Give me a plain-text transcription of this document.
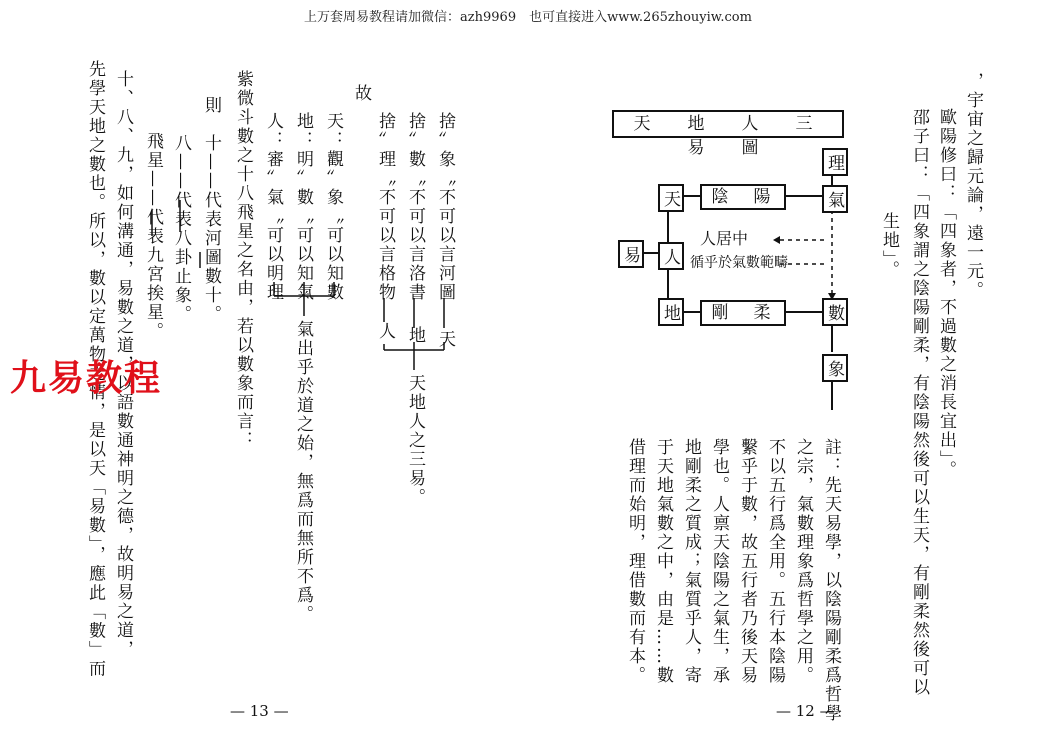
上万套周易教程请加微信：azh9969　也可直接进入www.265zhouyiw.com
，宇宙之歸元論，遠一元。
歐陽修曰：「四象者，不過數之消長宜出」。
邵子曰：「四象謂之陰陽剛柔，有陰陽然後可以生天，有剛柔然後可以
生地」。
註：先天易學，以陰陽剛柔爲哲學
之宗，氣數理象爲哲學之用。
不以五行爲全用。五行本陰陽
繫乎于數，故五行者乃後天易
學也。人禀天陰陽之氣生，承
地剛柔之質成；氣質乎人，寄
于天地氣數之中，由是……數
借理而始明，理借數而有本。
天　地　人　三　易　圖
理
氣
數
象
天
人
地
易
陰　陽
剛　柔
人居中
循乎於氣數範疇
— 12 —
故
捨〞象〝不可以言河圖
捨〞數〝不可以言洛書
捨〞理〝不可以言格物
天
地
人
天地人之三易。
天：觀〞象〝可以知數
地：明〞數〝可以知氣
人：審〞氣〝可以明理
氣出乎於道之始，無爲而無所不爲。
紫微斗數之十八飛星之名由，若以數象而言：
則
十——代表河圖數十。
八——代表八卦止象。
飛星——代表九宮挨星。
十、八、九，如何溝通，易數之道，以語數通神明之德，故明易之道，
先學天地之數也。所以，數以定萬物之情，是以天「易數」，應此「數」而
九易教程
— 13 —
